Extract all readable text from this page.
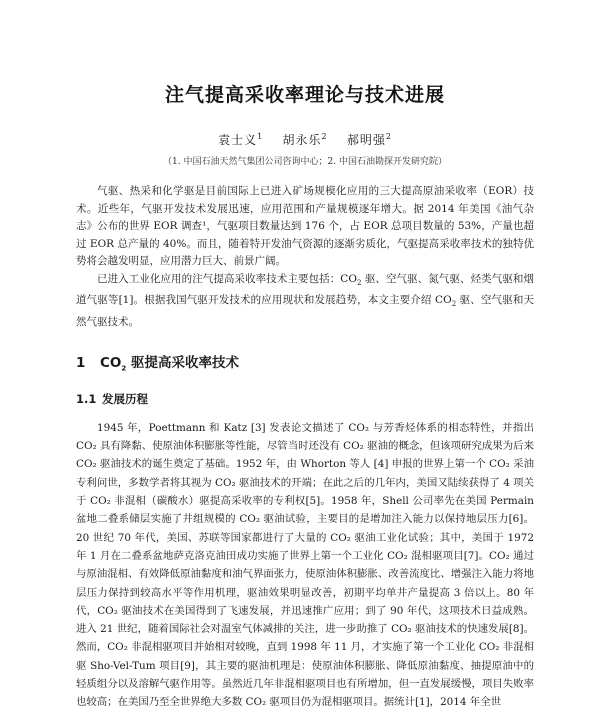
注气提高采收率理论与技术进展
袁士义$^1$ 胡永乐$^2$ 郝明强$^2$
（1. 中国石油天然气集团公司咨询中心；2. 中国石油勘探开发研究院）

气驱、热采和化学驱是目前国际上已进入矿场规模化应用的三大提高原油采收率（EOR）技术。近些年，气驱开发技术发展迅速，应用范围和产量规模逐年增大。据 2014 年美国《油气杂志》公布的世界 EOR 调查¹，气驱项目数量达到 176 个，占 EOR 总项目数量的 53%，产量也超过 EOR 总产量的 40%。而且，随着特开发油气资源的逐渐劣质化，气驱提高采收率技术的独特优势将会越发明显，应用潜力巨大、前景广阔。

已进入工业化应用的注气提高采收率技术主要包括：$CO_2$ 驱、空气驱、氮气驱、烃类气驱和烟道气驱等[1]。根据我国气驱开发技术的应用现状和发展趋势，本文主要介绍 $CO_2$ 驱、空气驱和天然气驱技术。

1 $CO_2$ 驱提高采收率技术
1.1 发展历程

1945 年，Poettmann 和 Katz [3] 发表论文描述了 CO₂ 与芳香烃体系的相态特性，并指出 CO₂ 具有降黏、使原油体积膨胀等性能，尽管当时还没有 CO₂ 驱油的概念，但该项研究成果为后来 CO₂ 驱油技术的诞生奠定了基础。1952 年，由 Whorton 等人 [4] 申报的世界上第一个 CO₂ 采油专利问世，多数学者将其视为 CO₂ 驱油技术的开端；在此之后的几年内，美国又陆续获得了 4 项关于 CO₂ 非混相（碳酸水）驱提高采收率的专利权[5]。1958 年，Shell 公司率先在美国 Permain 盆地二叠系储层实施了井组规模的 CO₂ 驱油试验，主要目的是增加注入能力以保持地层压力[6]。20 世纪 70 年代，美国、苏联等国家都进行了大量的 CO₂ 驱油工业化试验；其中，美国于 1972 年 1 月在二叠系盆地萨克洛克油田成功实施了世界上第一个工业化 CO₂ 混相驱项目[7]。CO₂ 通过与原油混相、有效降低原油黏度和油气界面张力，使原油体积膨胀、改善流度比、增强注入能力将地层压力保持到较高水平等作用机理，驱油效果明显改善，初期平均单井产量提高 3 倍以上。80 年代，CO₂ 驱油技术在美国得到了飞速发展，并迅速推广应用；到了 90 年代，这项技术日益成熟。进入 21 世纪，随着国际社会对温室气体减排的关注，进一步助推了 CO₂ 驱油技术的快速发展[8]。然而，CO₂ 非混相驱项目并始相对较晚，直到 1998 年 11 月，才实施了第一个工业化 CO₂ 非混相驱 Sho-Vel-Tum 项目[9]，其主要的驱油机理是：使原油体积膨胀、降低原油黏度、抽提原油中的轻质组分以及溶解气驱作用等。虽然近几年非混相驱项目也有所增加，但一直发展缓慢，项目失败率也较高；在美国乃至全世界绝大多数 CO₂ 驱项目仍为混相驱项目。据统计[1]，2014 年全世
